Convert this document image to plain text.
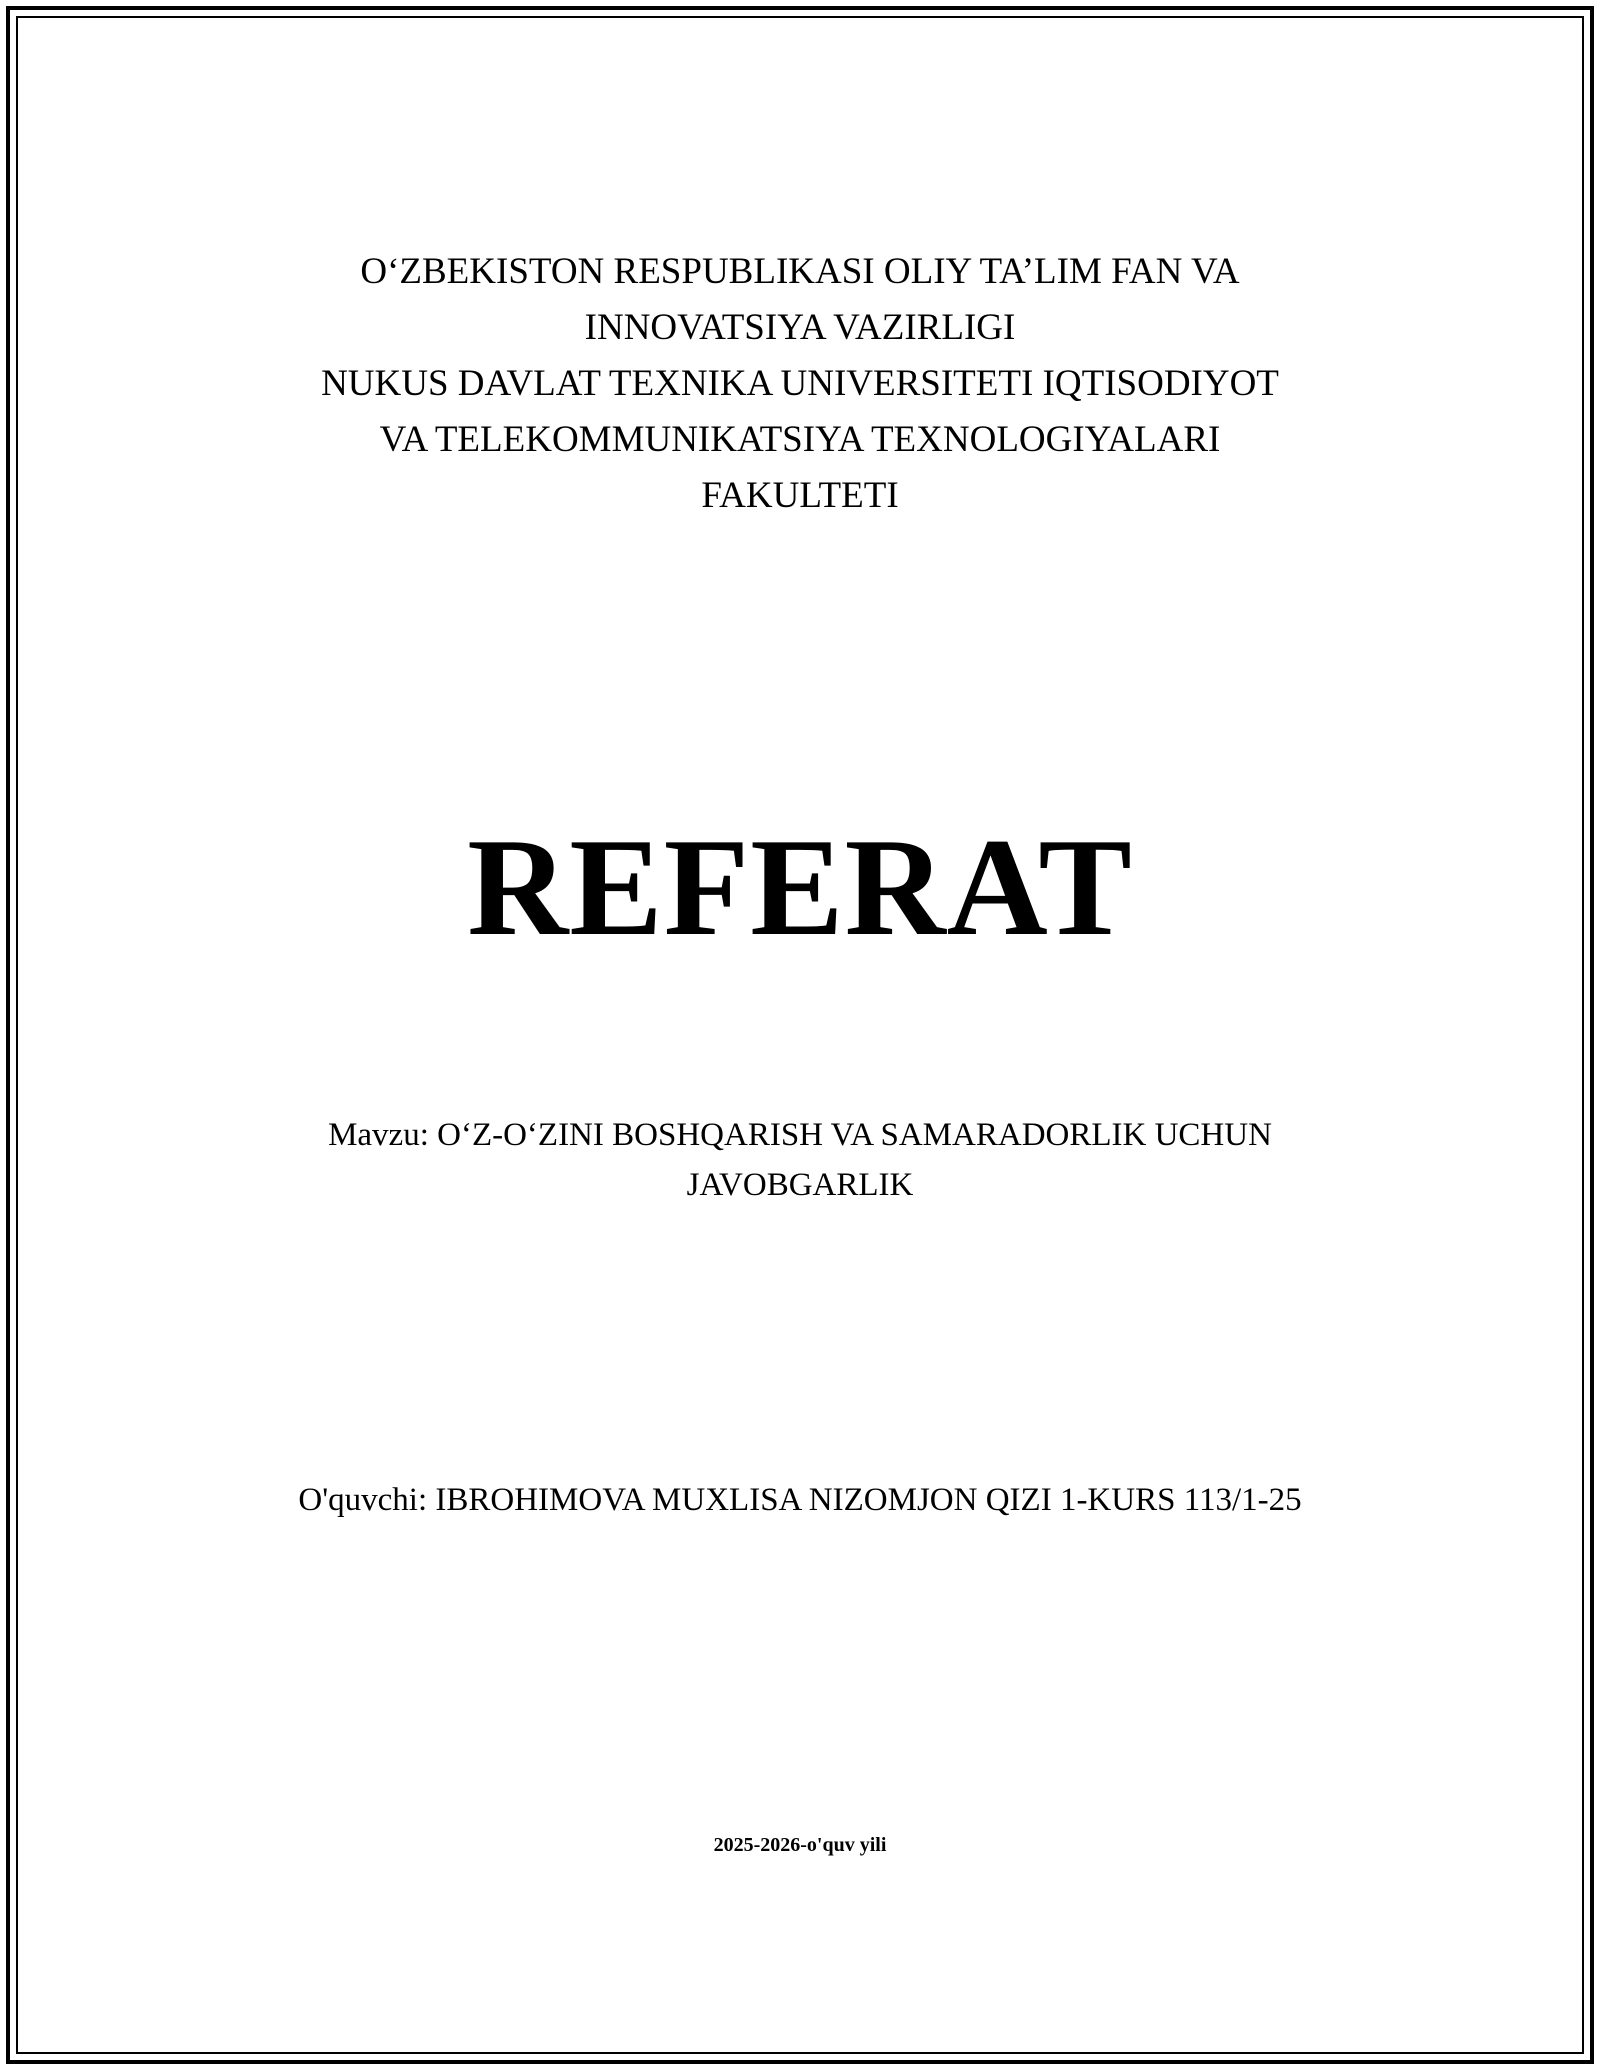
O‘ZBEKISTON RESPUBLIKASI OLIY TA’LIM FAN VA
INNOVATSIYA VAZIRLIGI
NUKUS DAVLAT TEXNIKA UNIVERSITETI IQTISODIYOT
VA TELEKOMMUNIKATSIYA TEXNOLOGIYALARI
FAKULTETI
REFERAT
Mavzu: O‘Z-O‘ZINI BOSHQARISH VA SAMARADORLIK UCHUN
JAVOBGARLIK
O'quvchi: IBROHIMOVA MUXLISA NIZOMJON QIZI 1-KURS 113/1-25
2025-2026-o'quv yili
